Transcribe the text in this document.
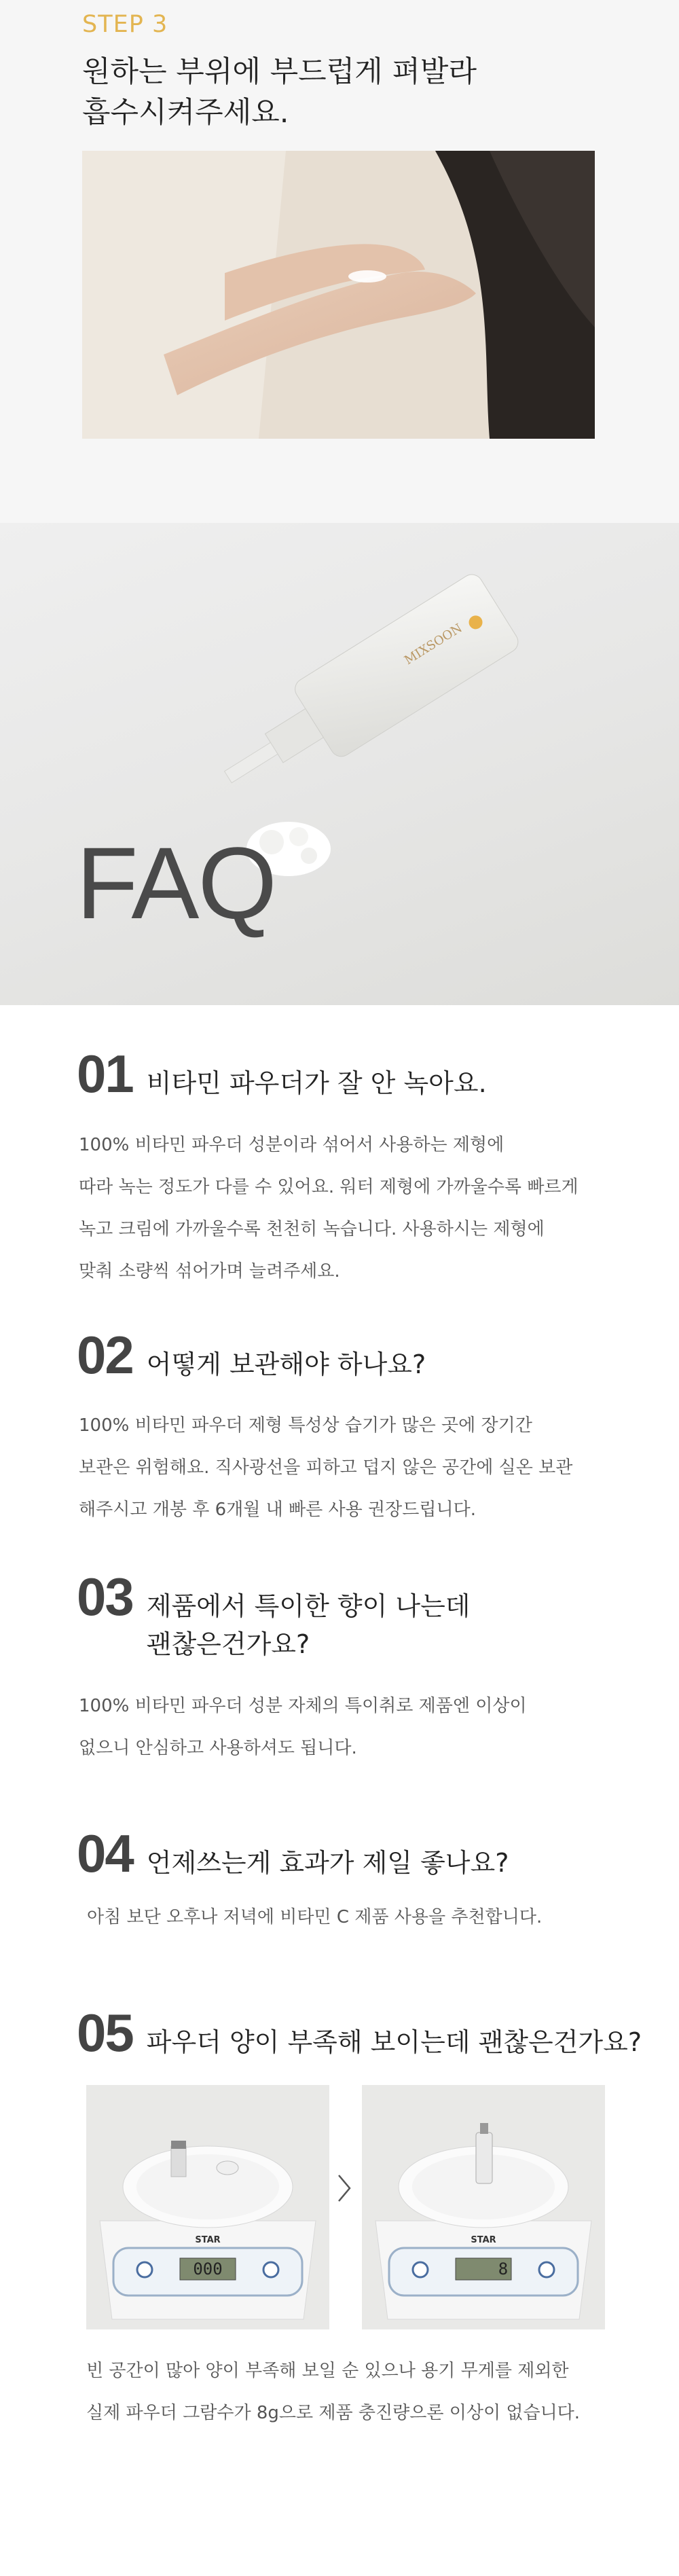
STEP 3
원하는 부위에 부드럽게 펴발라
흡수시켜주세요.
MIXSOON
FAQ
01 비타민 파우더가 잘 안 녹아요.
100% 비타민 파우더 성분이라 섞어서 사용하는 제형에
따라 녹는 정도가 다를 수 있어요. 워터 제형에 가까울수록 빠르게
녹고 크림에 가까울수록 천천히 녹습니다. 사용하시는 제형에
맞춰 소량씩 섞어가며 늘려주세요.
02 어떻게 보관해야 하나요?
100% 비타민 파우더 제형 특성상 습기가 많은 곳에 장기간
보관은 위험해요. 직사광선을 피하고 덥지 않은 공간에 실온 보관
해주시고 개봉 후 6개월 내 빠른 사용 권장드립니다.
03 제품에서 특이한 향이 나는데
괜찮은건가요?
100% 비타민 파우더 성분 자체의 특이취로 제품엔 이상이
없으니 안심하고 사용하셔도 됩니다.
04 언제쓰는게 효과가 제일 좋나요?
아침 보단 오후나 저녁에 비타민 C 제품 사용을 추천합니다.
05 파우더 양이 부족해 보이는데 괜찮은건가요?
000
STAR
8
STAR
빈 공간이 많아 양이 부족해 보일 순 있으나 용기 무게를 제외한
실제 파우더 그람수가 8g으로 제품 충진량으론 이상이 없습니다.
